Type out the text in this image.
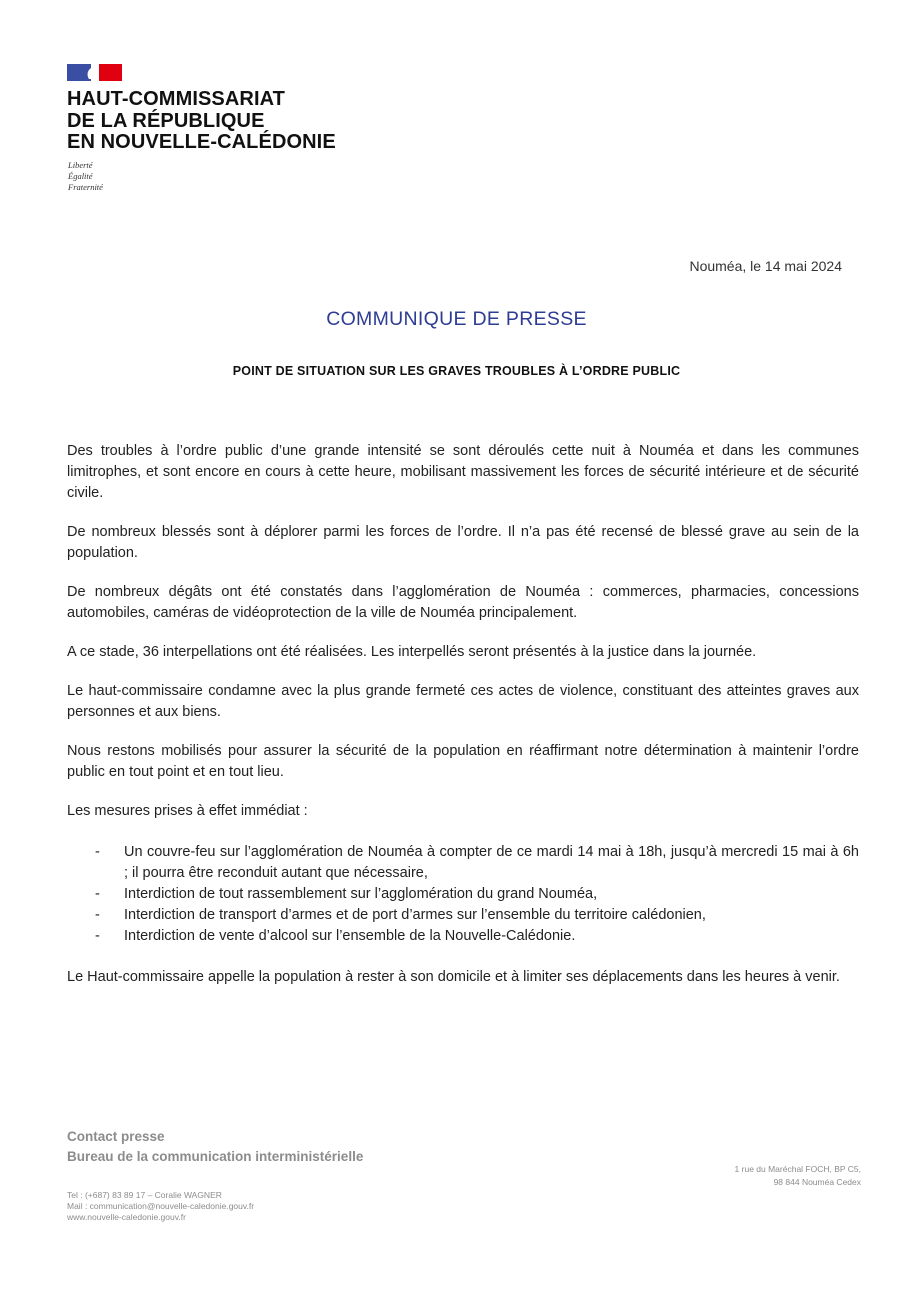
HAUT-COMMISSARIAT
DE LA RÉPUBLIQUE
EN NOUVELLE-CALÉDONIE
Liberté
Égalité
Fraternité
Nouméa, le 14 mai 2024
COMMUNIQUE DE PRESSE
POINT DE SITUATION SUR LES GRAVES TROUBLES À L’ORDRE PUBLIC

Des troubles à l’ordre public d’une grande intensité se sont déroulés cette nuit à Nouméa et dans les communes limitrophes, et sont encore en cours à cette heure, mobilisant massivement les forces de sécurité intérieure et de sécurité civile.

De nombreux blessés sont à déplorer parmi les forces de l’ordre. Il n’a pas été recensé de blessé grave au sein de la population.

De nombreux dégâts ont été constatés dans l’agglomération de Nouméa : commerces, pharmacies, concessions automobiles, caméras de vidéoprotection de la ville de Nouméa principalement.

A ce stade, 36 interpellations ont été réalisées. Les interpellés seront présentés à la justice dans la journée.

Le haut-commissaire condamne avec la plus grande fermeté ces actes de violence, constituant des atteintes graves aux personnes et aux biens.

Nous restons mobilisés pour assurer la sécurité de la population en réaffirmant notre détermination à maintenir l’ordre public en tout point et en tout lieu.

Les mesures prises à effet immédiat :

- Un couvre-feu sur l’agglomération de Nouméa à compter de ce mardi 14 mai à 18h, jusqu’à mercredi 15 mai à 6h ; il pourra être reconduit autant que nécessaire,
- Interdiction de tout rassemblement sur l’agglomération du grand Nouméa,
- Interdiction de transport d’armes et de port d’armes sur l’ensemble du territoire calédonien,
- Interdiction de vente d’alcool sur l’ensemble de la Nouvelle-Calédonie.

Le Haut-commissaire appelle la population à rester à son domicile et à limiter ses déplacements dans les heures à venir.

Contact presse
Bureau de la communication interministérielle
1 rue du Maréchal FOCH, BP C5,
98 844 Nouméa Cedex
Tel : (+687) 83 89 17 – Coralie WAGNER
Mail : communication@nouvelle-caledonie.gouv.fr
www.nouvelle-caledonie.gouv.fr
